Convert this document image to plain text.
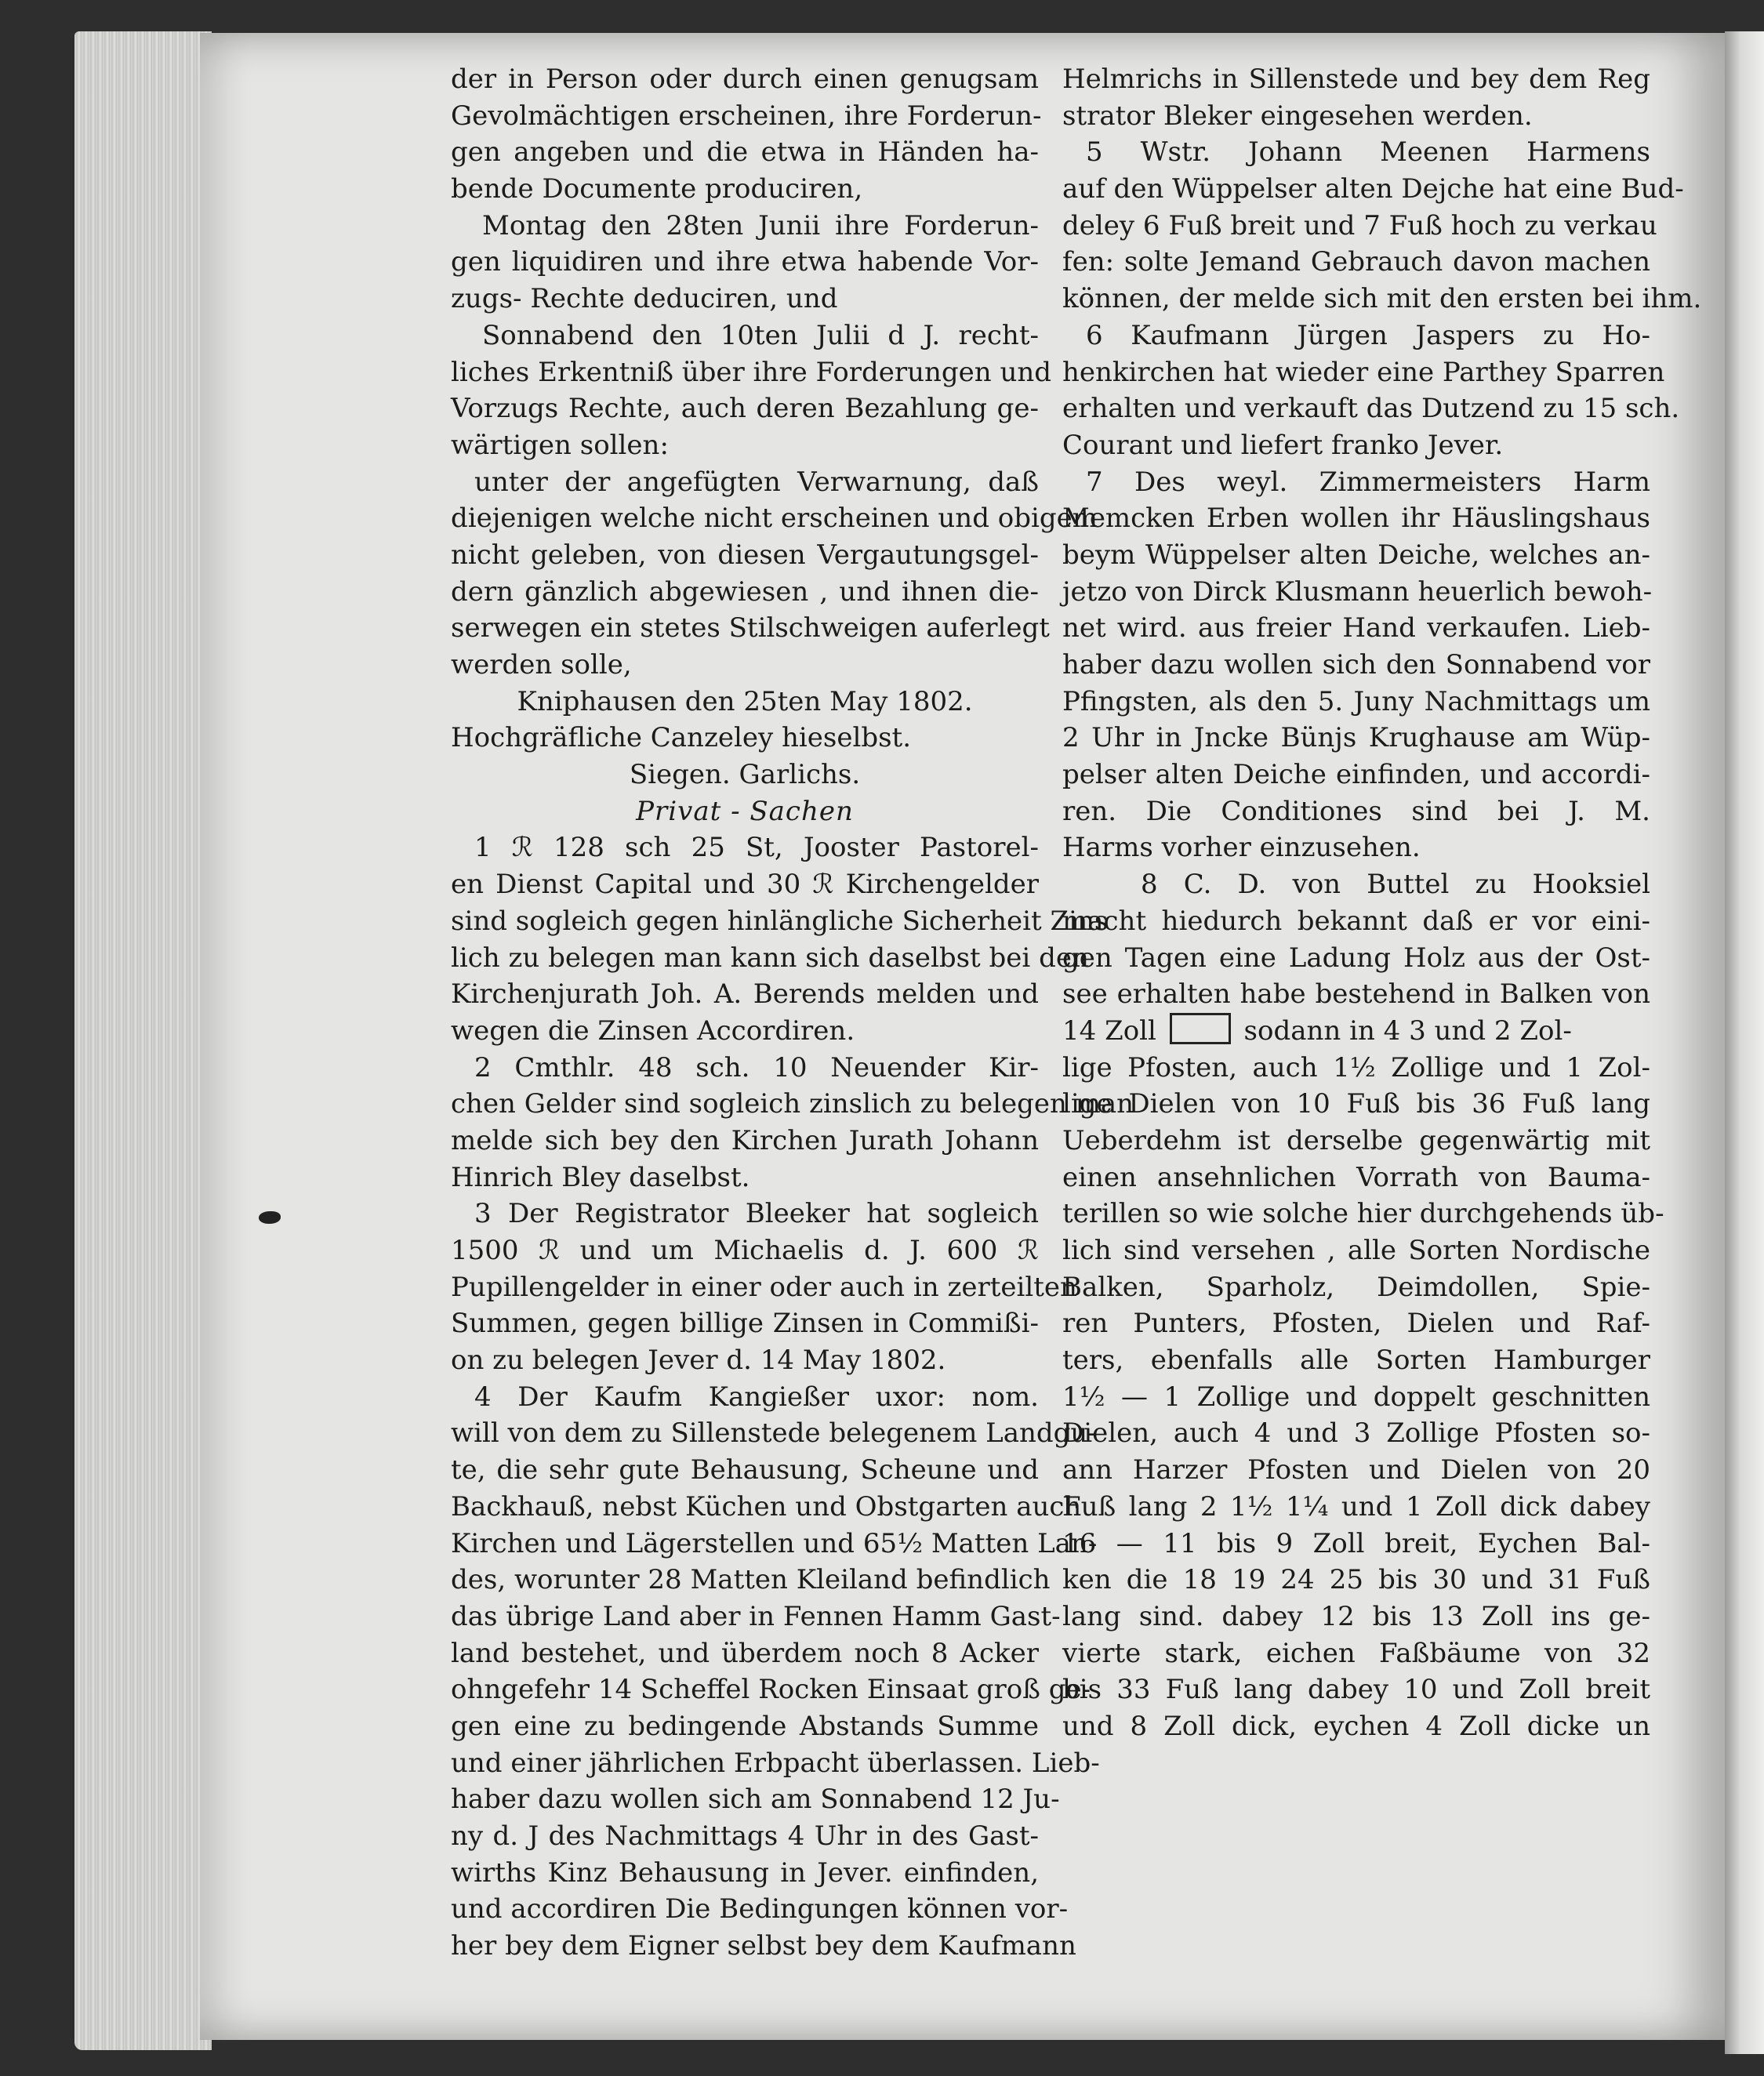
der in Person oder durch einen genugsam
Gevolmächtigen erscheinen, ihre Forderun-
gen angeben und die etwa in Händen ha-
bende Documente produciren,
Montag den 28ten Junii ihre Forderun-
gen liquidiren und ihre etwa habende Vor-
zugs- Rechte deduciren, und
Sonnabend den 10ten Julii d J. recht-
liches Erkentniß über ihre Forderungen und
Vorzugs Rechte, auch deren Bezahlung ge-
wärtigen sollen:
unter der angefügten Verwarnung, daß
diejenigen welche nicht erscheinen und obigem
nicht geleben, von diesen Vergautungsgel-
dern gänzlich abgewiesen , und ihnen die-
serwegen ein stetes Stilschweigen auferlegt
werden solle,
Kniphausen den 25ten May 1802.
Hochgräfliche Canzeley hieselbst.
Siegen. Garlichs.
Privat - Sachen
1 ℛ 128 sch 25 St, Jooster Pastorel-
en Dienst Capital und 30 ℛ Kirchengelder
sind sogleich gegen hinlängliche Sicherheit Zins
lich zu belegen man kann sich daselbst bei den
Kirchenjurath Joh. A. Berends melden und
wegen die Zinsen Accordiren.
2 Cmthlr. 48 sch. 10 Neuender Kir-
chen Gelder sind sogleich zinslich zu belegen man
melde sich bey den Kirchen Jurath Johann
Hinrich Bley daselbst.
3 Der Registrator Bleeker hat sogleich
1500 ℛ und um Michaelis d. J. 600 ℛ
Pupillengelder in einer oder auch in zerteilten
Summen, gegen billige Zinsen in Commißi-
on zu belegen Jever d. 14 May 1802.
4 Der Kaufm Kangießer uxor: nom.
will von dem zu Sillenstede belegenem Landgu-
te, die sehr gute Behausung, Scheune und
Backhauß, nebst Küchen und Obstgarten auch
Kirchen und Lägerstellen und 65½ Matten Lan-
des, worunter 28 Matten Kleiland befindlich
das übrige Land aber in Fennen Hamm Gast-
land bestehet, und überdem noch 8 Acker
ohngefehr 14 Scheffel Rocken Einsaat groß ge-
gen eine zu bedingende Abstands Summe
und einer jährlichen Erbpacht überlassen. Lieb-
haber dazu wollen sich am Sonnabend 12 Ju-
ny d. J des Nachmittags 4 Uhr in des Gast-
wirths Kinz Behausung in Jever. einfinden,
und accordiren Die Bedingungen können vor-
her bey dem Eigner selbst bey dem Kaufmann
Helmrichs in Sillenstede und bey dem Reg
strator Bleker eingesehen werden.
5 Wstr. Johann Meenen Harmens
auf den Wüppelser alten Dejche hat eine Bud-
deley 6 Fuß breit und 7 Fuß hoch zu verkau
fen: solte Jemand Gebrauch davon machen
können, der melde sich mit den ersten bei ihm.
6 Kaufmann Jürgen Jaspers zu Ho-
henkirchen hat wieder eine Parthey Sparren
erhalten und verkauft das Dutzend zu 15 sch.
Courant und liefert franko Jever.
7 Des weyl. Zimmermeisters Harm
Memcken Erben wollen ihr Häuslingshaus
beym Wüppelser alten Deiche, welches an-
jetzo von Dirck Klusmann heuerlich bewoh-
net wird. aus freier Hand verkaufen. Lieb-
haber dazu wollen sich den Sonnabend vor
Pfingsten, als den 5. Juny Nachmittags um
2 Uhr in Jncke Bünjs Krughause am Wüp-
pelser alten Deiche einfinden, und accordi-
ren. Die Conditiones sind bei J. M.
Harms vorher einzusehen.
8 C. D. von Buttel zu Hooksiel
macht hiedurch bekannt daß er vor eini-
gen Tagen eine Ladung Holz aus der Ost-
see erhalten habe bestehend in Balken von
14 Zoll	sodann in 4 3 und 2 Zol-
lige Pfosten, auch 1½ Zollige und 1 Zol-
lige Dielen von 10 Fuß bis 36 Fuß lang
Ueberdehm ist derselbe gegenwärtig mit
einen ansehnlichen Vorrath von Bauma-
terillen so wie solche hier durchgehends üb-
lich sind versehen , alle Sorten Nordische
Balken, Sparholz, Deimdollen, Spie-
ren Punters, Pfosten, Dielen und Raf-
ters, ebenfalls alle Sorten Hamburger
1½ — 1 Zollige und doppelt geschnitten
Dielen, auch 4 und 3 Zollige Pfosten so-
ann Harzer Pfosten und Dielen von 20
Fuß lang 2 1½ 1¼ und 1 Zoll dick dabey
16 — 11 bis 9 Zoll breit, Eychen Bal-
ken die 18 19 24 25 bis 30 und 31 Fuß
lang sind. dabey 12 bis 13 Zoll ins ge-
vierte stark, eichen Faßbäume von 32
bis 33 Fuß lang dabey 10 und Zoll breit
und 8 Zoll dick, eychen 4 Zoll dicke un
